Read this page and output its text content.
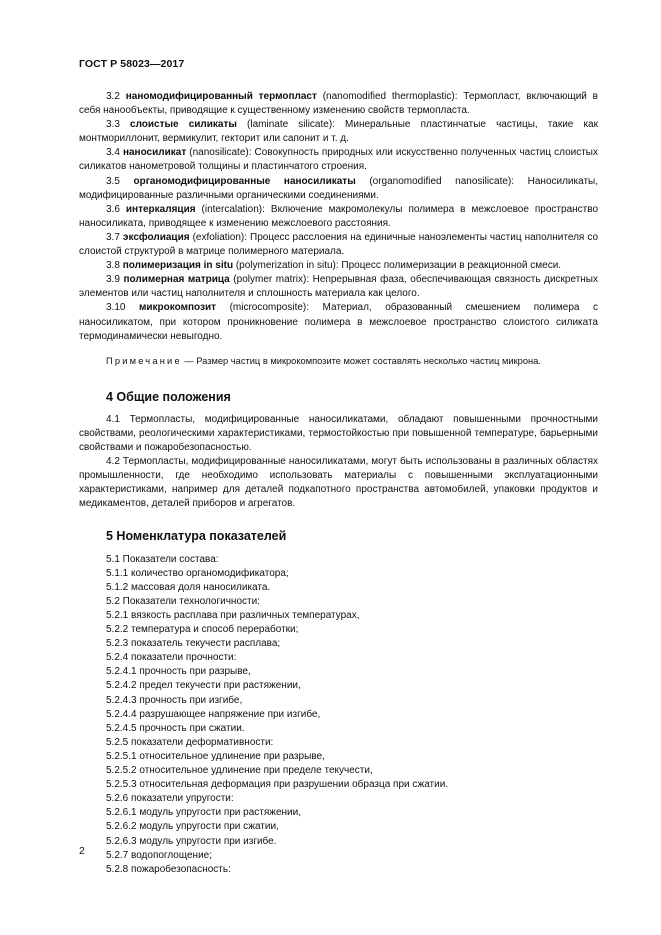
ГОСТ Р 58023—2017

3.2 наномодифицированный термопласт (nanomodified thermoplastic): Термопласт, включающий в себя нанообъекты, приводящие к существенному изменению свойств термопласта.

3.3 слоистые силикаты (laminate silicate): Минеральные пластинчатые частицы, такие как монтмориллонит, вермикулит, гекторит или сапонит и т. д.

3.4 наносиликат (nanosilicate): Совокупность природных или искусственно полученных частиц слоистых силикатов нанометровой толщины и пластинчатого строения.

3.5 органомодифицированные наносиликаты (organomodified nanosilicate): Наносиликаты, модифицированные различными органическими соединениями.

3.6 интеркаляция (intercalation): Включение макромолекулы полимера в межслоевое пространство наносиликата, приводящее к изменению межслоевого расстояния.

3.7 эксфолиация (exfoliation): Процесс расслоения на единичные наноэлементы частиц наполнителя со слоистой структурой в матрице полимерного материала.

3.8 полимеризация in situ (polymerization in situ): Процесс полимеризации в реакционной смеси.

3.9 полимерная матрица (polymer matrix): Непрерывная фаза, обеспечивающая связность дискретных элементов или частиц наполнителя и сплошность материала как целого.

3.10 микрокомпозит (microcomposite): Материал, образованный смешением полимера с наносиликатом, при котором проникновение полимера в межслоевое пространство слоистого силиката термодинамически невыгодно.

Примечание — Размер частиц в микрокомпозите может составлять несколько частиц микрона.

4 Общие положения

4.1 Термопласты, модифицированные наносиликатами, обладают повышенными прочностными свойствами, реологическими характеристиками, термостойкостью при повышенной температуре, барьерными свойствами и пожаробезопасностью.

4.2 Термопласты, модифицированные наносиликатами, могут быть использованы в различных областях промышленности, где необходимо использовать материалы с повышенными эксплуатационными характеристиками, например для деталей подкапотного пространства автомобилей, упаковки продуктов и медикаментов, деталей приборов и агрегатов.

5 Номенклатура показателей

5.1 Показатели состава:

5.1.1 количество органомодификатора;

5.1.2 массовая доля наносиликата.

5.2 Показатели технологичности:

5.2.1 вязкость расплава при различных температурах,

5.2.2 температура и способ переработки;

5.2.3 показатель текучести расплава;

5.2.4 показатели прочности:

5.2.4.1 прочность при разрыве,

5.2.4.2 предел текучести при растяжении,

5.2.4.3 прочность при изгибе,

5.2.4.4 разрушающее напряжение при изгибе,

5.2.4.5 прочность при сжатии.

5.2.5 показатели деформативности:

5.2.5.1 относительное удлинение при разрыве,

5.2.5.2 относительное удлинение при пределе текучести,

5.2.5.3 относительная деформация при разрушении образца при сжатии.

5.2.6 показатели упругости:

5.2.6.1 модуль упругости при растяжении,

5.2.6.2 модуль упругости при сжатии,

5.2.6.3 модуль упругости при изгибе.

5.2.7 водопоглощение;

5.2.8 пожаробезопасность:

2
